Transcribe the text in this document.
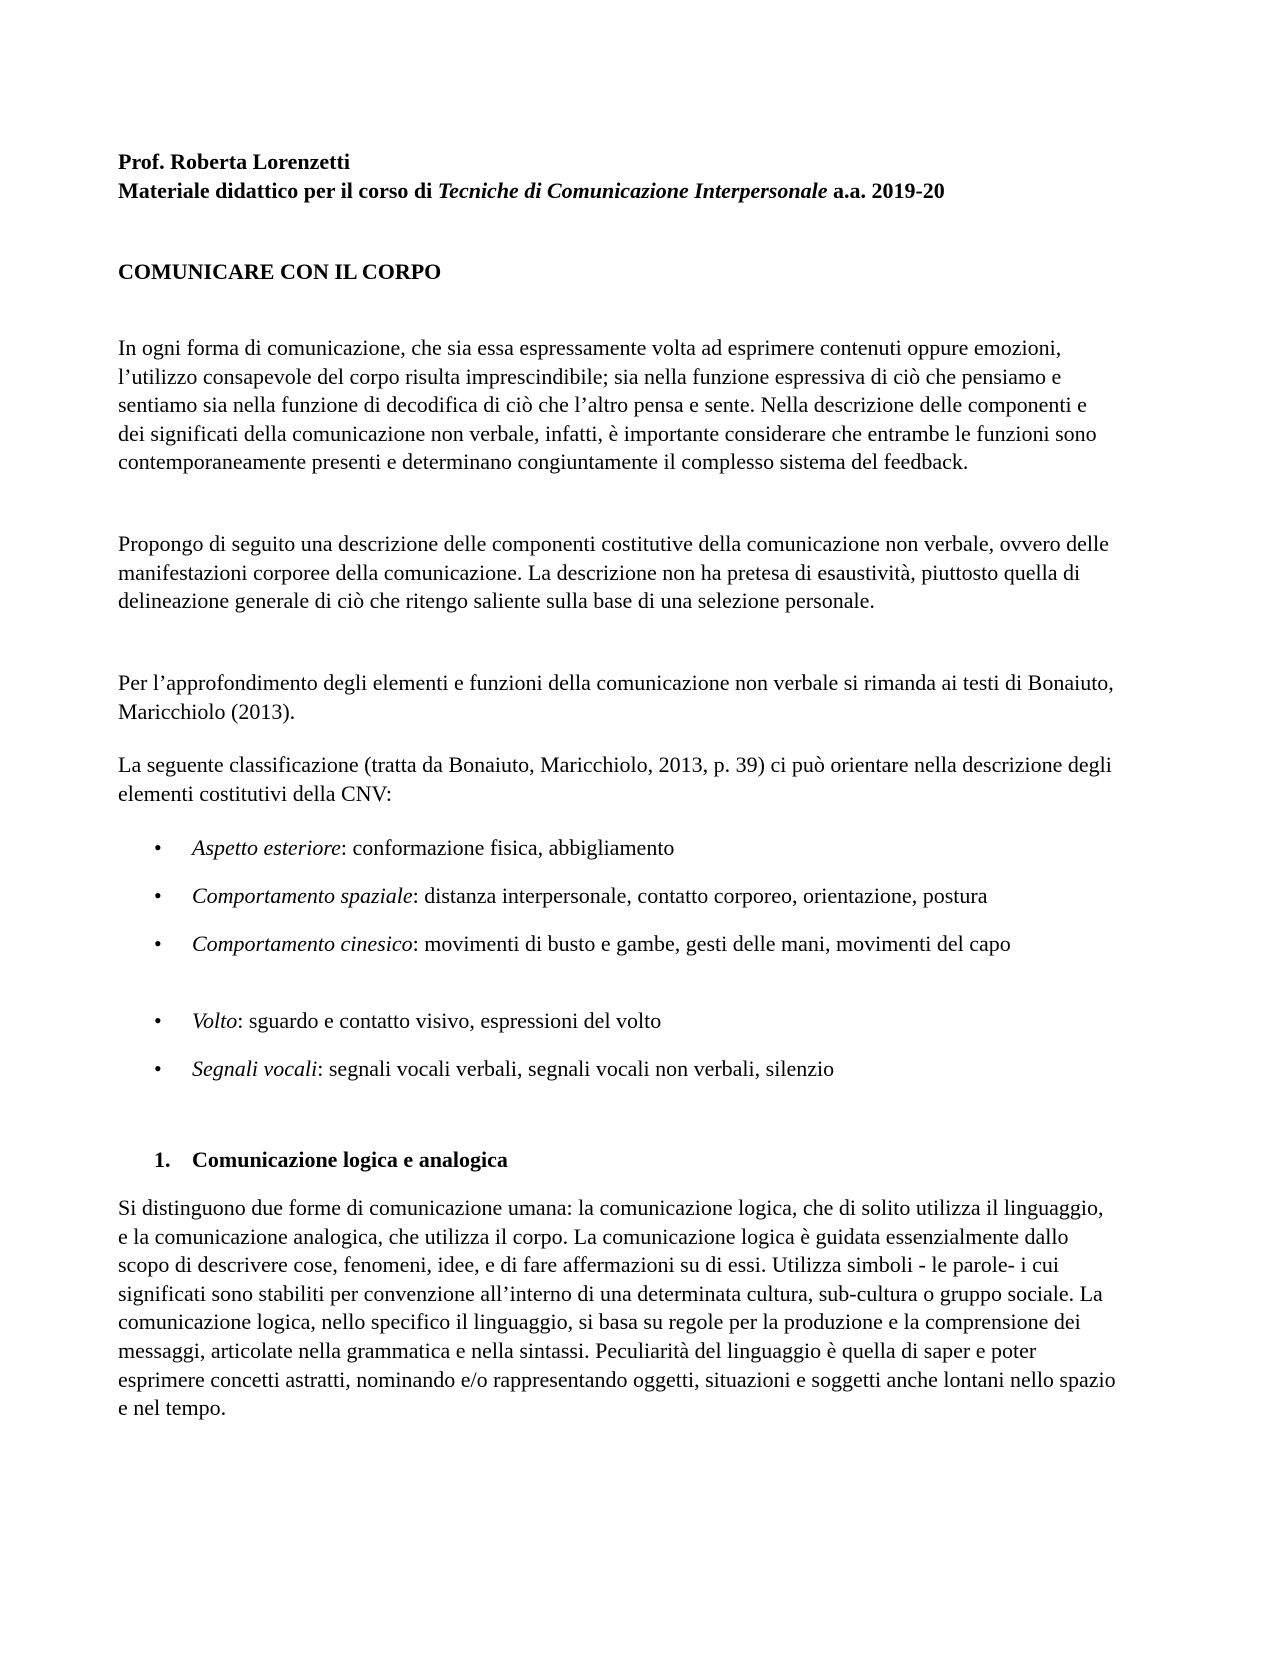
Prof. Roberta Lorenzetti

Materiale didattico per il corso di Tecniche di Comunicazione Interpersonale a.a. 2019-20

COMUNICARE CON IL CORPO

In ogni forma di comunicazione, che sia essa espressamente volta ad esprimere contenuti oppure emozioni, l’utilizzo consapevole del corpo risulta imprescindibile; sia nella funzione espressiva di ciò che pensiamo e sentiamo sia nella funzione di decodifica di ciò che l’altro pensa e sente. Nella descrizione delle componenti e dei significati della comunicazione non verbale, infatti, è importante considerare che entrambe le funzioni sono contemporaneamente presenti e determinano congiuntamente il complesso sistema del feedback.

Propongo di seguito una descrizione delle componenti costitutive della comunicazione non verbale, ovvero delle manifestazioni corporee della comunicazione. La descrizione non ha pretesa di esaustività, piuttosto quella di delineazione generale di ciò che ritengo saliente sulla base di una selezione personale.

Per l’approfondimento degli elementi e funzioni della comunicazione non verbale si rimanda ai testi di Bonaiuto, Maricchiolo (2013).

La seguente classificazione (tratta da Bonaiuto, Maricchiolo, 2013, p. 39) ci può orientare nella descrizione degli elementi costitutivi della CNV:

• Aspetto esteriore: conformazione fisica, abbigliamento
• Comportamento spaziale: distanza interpersonale, contatto corporeo, orientazione, postura
• Comportamento cinesico: movimenti di busto e gambe, gesti delle mani, movimenti del capo
• Volto: sguardo e contatto visivo, espressioni del volto
• Segnali vocali: segnali vocali verbali, segnali vocali non verbali, silenzio

1. Comunicazione logica e analogica

Si distinguono due forme di comunicazione umana: la comunicazione logica, che di solito utilizza il linguaggio, e la comunicazione analogica, che utilizza il corpo. La comunicazione logica è guidata essenzialmente dallo scopo di descrivere cose, fenomeni, idee, e di fare affermazioni su di essi. Utilizza simboli - le parole- i cui significati sono stabiliti per convenzione all’interno di una determinata cultura, sub-cultura o gruppo sociale. La comunicazione logica, nello specifico il linguaggio, si basa su regole per la produzione e la comprensione dei messaggi, articolate nella grammatica e nella sintassi. Peculiarità del linguaggio è quella di saper e poter esprimere concetti astratti, nominando e/o rappresentando oggetti, situazioni e soggetti anche lontani nello spazio e nel tempo.
